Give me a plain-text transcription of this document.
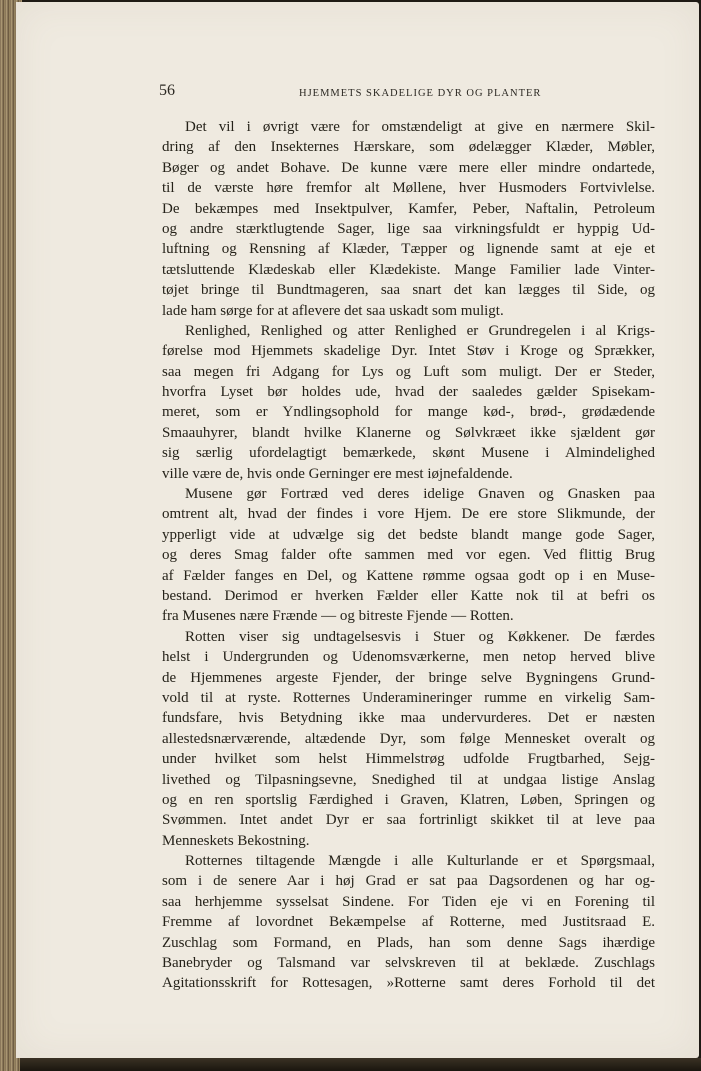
56	HJEMMETS SKADELIGE DYR OG PLANTER
Det vil i øvrigt være for omstændeligt at give en nærmere Skil-
dring af den Insekternes Hærskare, som ødelægger Klæder, Møbler,
Bøger og andet Bohave. De kunne være mere eller mindre ondartede,
til de værste høre fremfor alt Møllene, hver Husmoders Fortvivlelse.
De bekæmpes med Insektpulver, Kamfer, Peber, Naftalin, Petroleum
og andre stærktlugtende Sager, lige saa virkningsfuldt er hyppig Ud-
luftning og Rensning af Klæder, Tæpper og lignende samt at eje et
tætsluttende Klædeskab eller Klædekiste. Mange Familier lade Vinter-
tøjet bringe til Bundtmageren, saa snart det kan lægges til Side, og
lade ham sørge for at aflevere det saa uskadt som muligt.
Renlighed, Renlighed og atter Renlighed er Grundregelen i al Krigs-
førelse mod Hjemmets skadelige Dyr. Intet Støv i Kroge og Sprækker,
saa megen fri Adgang for Lys og Luft som muligt. Der er Steder,
hvorfra Lyset bør holdes ude, hvad der saaledes gælder Spisekam-
meret, som er Yndlingsophold for mange kød-, brød-, grødædende
Smaauhyrer, blandt hvilke Klanerne og Sølvkræet ikke sjældent gør
sig særlig ufordelagtigt bemærkede, skønt Musene i Almindelighed
ville være de, hvis onde Gerninger ere mest iøjnefaldende.
Musene gør Fortræd ved deres idelige Gnaven og Gnasken paa
omtrent alt, hvad der findes i vore Hjem. De ere store Slikmunde, der
ypperligt vide at udvælge sig det bedste blandt mange gode Sager,
og deres Smag falder ofte sammen med vor egen. Ved flittig Brug
af Fælder fanges en Del, og Kattene rømme ogsaa godt op i en Muse-
bestand. Derimod er hverken Fælder eller Katte nok til at befri os
fra Musenes nære Frænde — og bitreste Fjende — Rotten.
Rotten viser sig undtagelsesvis i Stuer og Køkkener. De færdes
helst i Undergrunden og Udenomsværkerne, men netop herved blive
de Hjemmenes argeste Fjender, der bringe selve Bygningens Grund-
vold til at ryste. Rotternes Underamineringer rumme en virkelig Sam-
fundsfare, hvis Betydning ikke maa undervurderes. Det er næsten
allestedsnærværende, altædende Dyr, som følge Mennesket overalt og
under hvilket som helst Himmelstrøg udfolde Frugtbarhed, Sejg-
livethed og Tilpasningsevne, Snedighed til at undgaa listige Anslag
og en ren sportslig Færdighed i Graven, Klatren, Løben, Springen og
Svømmen. Intet andet Dyr er saa fortrinligt skikket til at leve paa
Menneskets Bekostning.
Rotternes tiltagende Mængde i alle Kulturlande er et Spørgsmaal,
som i de senere Aar i høj Grad er sat paa Dagsordenen og har og-
saa herhjemme sysselsat Sindene. For Tiden eje vi en Forening til
Fremme af lovordnet Bekæmpelse af Rotterne, med Justitsraad E.
Zuschlag som Formand, en Plads, han som denne Sags ihærdige
Banebryder og Talsmand var selvskreven til at beklæde. Zuschlags
Agitationsskrift for Rottesagen, »Rotterne samt deres Forhold til det
